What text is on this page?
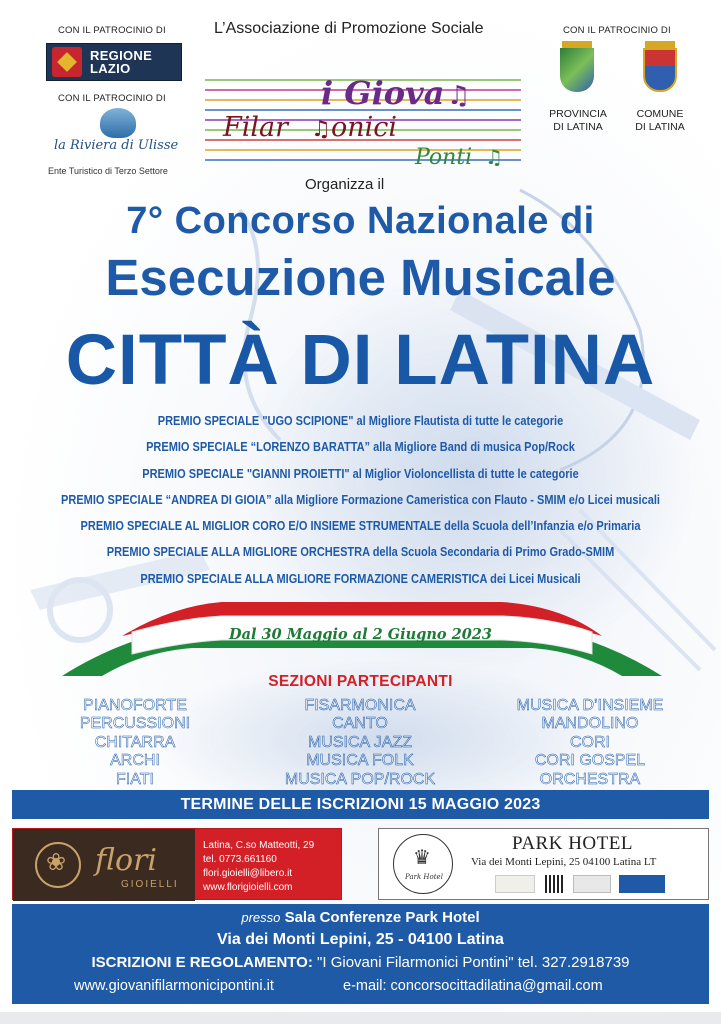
CON IL PATROCINIO DI
REGIONE
LAZIO
CON IL PATROCINIO DI
la Riviera di Ulisse
Ente Turistico di Terzo Settore
L’Associazione di Promozione Sociale
i Giova ♫
Filar ♫ onici
Ponti ♫
Organizza il
CON IL PATROCINIO DI
PROVINCIA
DI LATINA
COMUNE
DI LATINA
7° Concorso Nazionale di
Esecuzione Musicale
CITTÀ DI LATINA
PREMIO SPECIALE "UGO SCIPIONE" al Migliore Flautista di tutte le categorie
PREMIO SPECIALE “LORENZO BARATTA” alla Migliore Band di musica Pop/Rock
PREMIO SPECIALE "GIANNI PROIETTI" al Miglior Violoncellista di tutte le categorie
PREMIO SPECIALE “ANDREA DI GIOIA” alla Migliore Formazione Cameristica con Flauto - SMIM e/o Licei musicali
PREMIO SPECIALE AL MIGLIOR CORO E/O INSIEME STRUMENTALE della Scuola dell’Infanzia e/o Primaria
PREMIO SPECIALE ALLA MIGLIORE ORCHESTRA della Scuola Secondaria di Primo Grado-SMIM
PREMIO SPECIALE ALLA MIGLIORE FORMAZIONE CAMERISTICA dei Licei Musicali
Dal 30 Maggio al 2 Giugno 2023
SEZIONI PARTECIPANTI
PIANOFORTE
PERCUSSIONI
CHITARRA
ARCHI
FIATI
FISARMONICA
CANTO
MUSICA JAZZ
MUSICA FOLK
MUSICA POP/ROCK
MUSICA D’INSIEME
MANDOLINO
CORI
CORI GOSPEL
ORCHESTRA
TERMINE DELLE ISCRIZIONI 15 MAGGIO 2023
❀
flori
GIOIELLI
Latina, C.so Matteotti, 29
tel. 0773.661160
flori.gioielli@libero.it
www.florigioielli.com
♛ Park Hotel
PARK HOTEL
Via dei Monti Lepini, 25 04100 Latina LT
presso Sala Conferenze Park Hotel
Via dei Monti Lepini, 25 - 04100 Latina
ISCRIZIONI E REGOLAMENTO: "I Giovani Filarmonici Pontini" tel. 327.2918739
www.giovanifilarmonicipontini.it	e-mail: concorsocittadilatina@gmail.com
